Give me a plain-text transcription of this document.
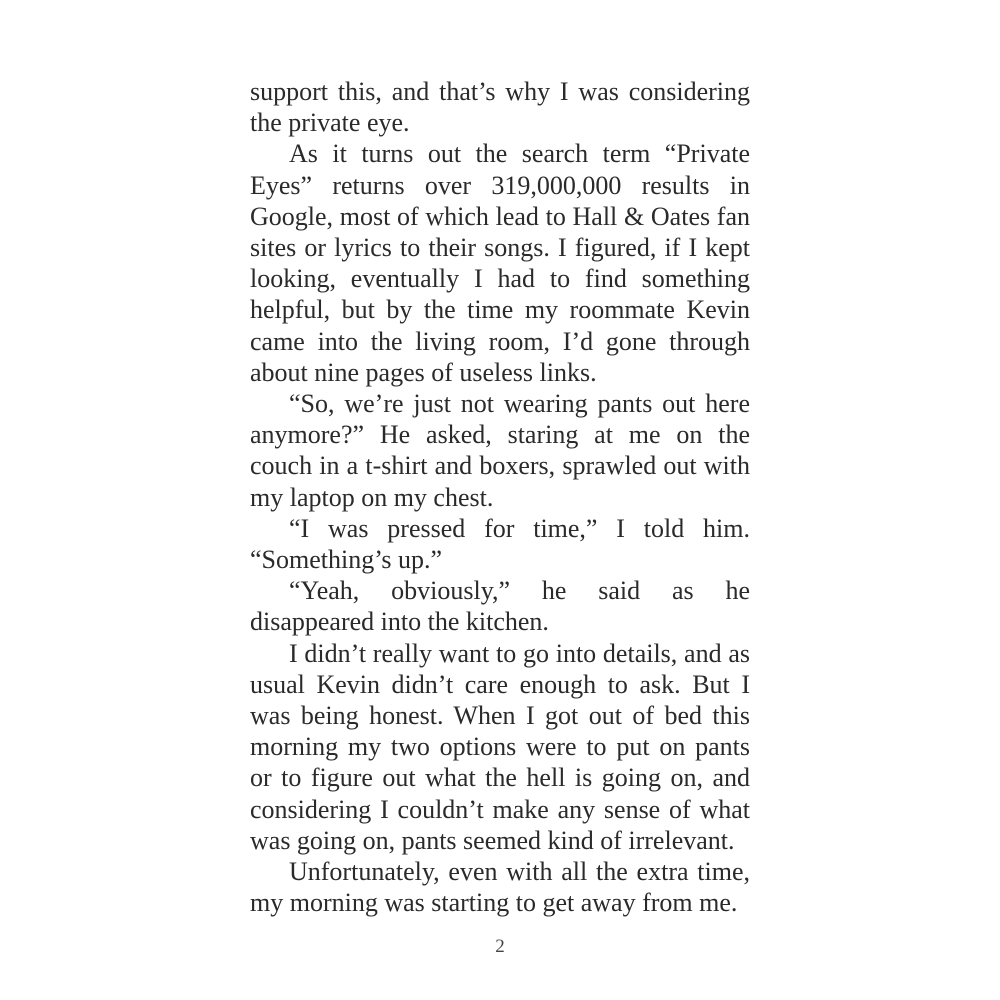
support this, and that’s why I was considering the private eye.

As it turns out the search term “Private Eyes” returns over 319,000,000 results in Google, most of which lead to Hall & Oates fan sites or lyrics to their songs. I figured, if I kept looking, eventually I had to find something helpful, but by the time my roommate Kevin came into the living room, I’d gone through about nine pages of useless links.

“So, we’re just not wearing pants out here anymore?” He asked, staring at me on the couch in a t-shirt and boxers, sprawled out with my laptop on my chest.

“I was pressed for time,” I told him. “Something’s up.”

“Yeah, obviously,” he said as he disappeared into the kitchen.

I didn’t really want to go into details, and as usual Kevin didn’t care enough to ask. But I was being honest. When I got out of bed this morning my two options were to put on pants or to figure out what the hell is going on, and considering I couldn’t make any sense of what was going on, pants seemed kind of irrelevant.

Unfortunately, even with all the extra time, my morning was starting to get away from me.

2
